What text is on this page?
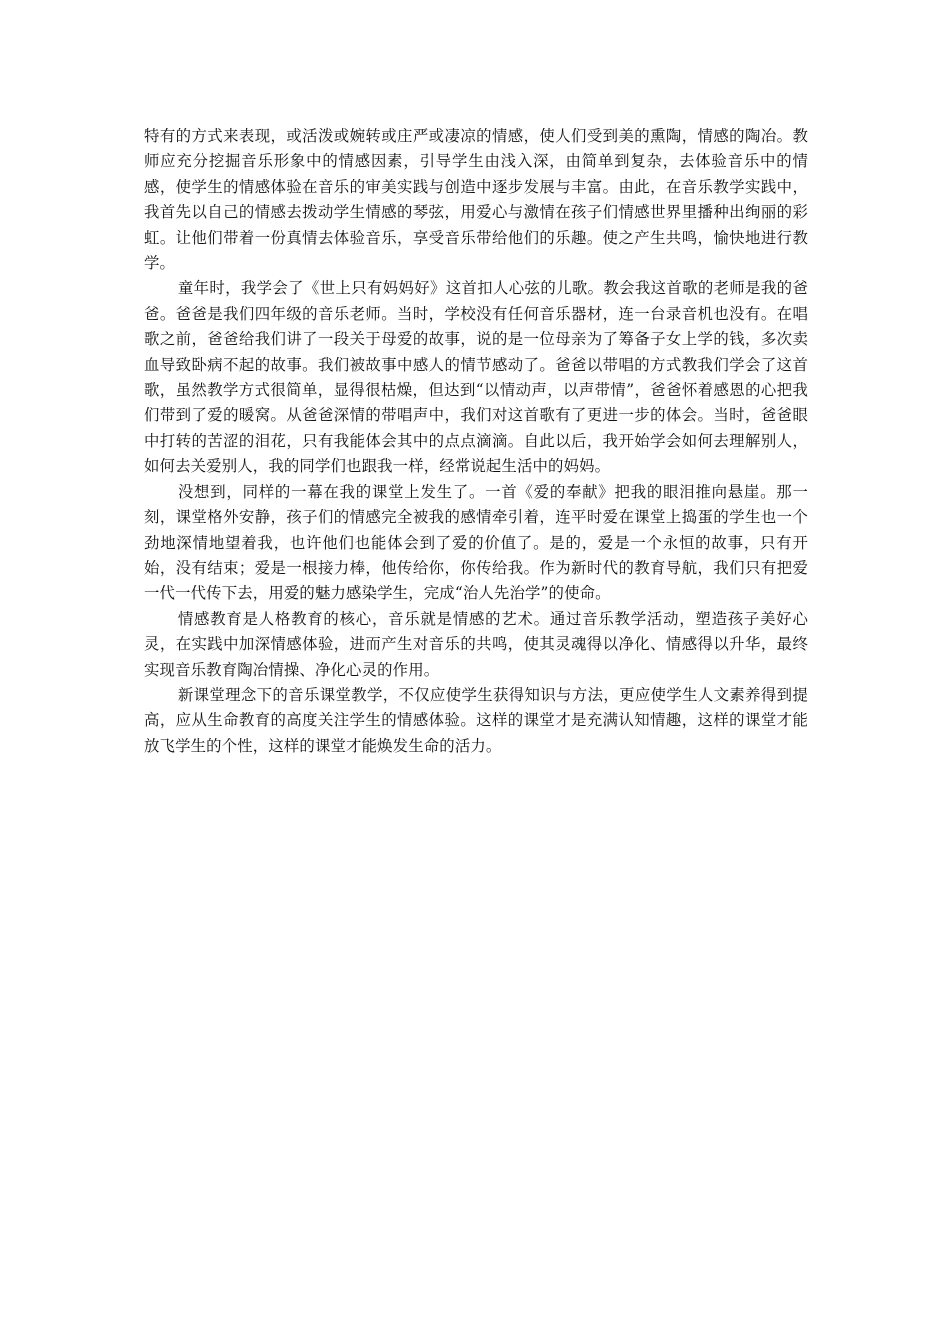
特有的方式来表现，或活泼或婉转或庄严或凄凉的情感，使人们受到美的熏陶，情感的陶冶。教师应充分挖掘音乐形象中的情感因素，引导学生由浅入深，由简单到复杂，去体验音乐中的情感，使学生的情感体验在音乐的审美实践与创造中逐步发展与丰富。由此，在音乐教学实践中，我首先以自己的情感去拨动学生情感的琴弦，用爱心与激情在孩子们情感世界里播种出绚丽的彩虹。让他们带着一份真情去体验音乐，享受音乐带给他们的乐趣。使之产生共鸣，愉快地进行教学。

童年时，我学会了《世上只有妈妈好》这首扣人心弦的儿歌。教会我这首歌的老师是我的爸爸。爸爸是我们四年级的音乐老师。当时，学校没有任何音乐器材，连一台录音机也没有。在唱歌之前，爸爸给我们讲了一段关于母爱的故事，说的是一位母亲为了筹备子女上学的钱，多次卖血导致卧病不起的故事。我们被故事中感人的情节感动了。爸爸以带唱的方式教我们学会了这首歌，虽然教学方式很简单，显得很枯燥，但达到“以情动声，以声带情”，爸爸怀着感恩的心把我们带到了爱的暖窝。从爸爸深情的带唱声中，我们对这首歌有了更进一步的体会。当时，爸爸眼中打转的苦涩的泪花，只有我能体会其中的点点滴滴。自此以后，我开始学会如何去理解别人，如何去关爱别人，我的同学们也跟我一样，经常说起生活中的妈妈。

没想到，同样的一幕在我的课堂上发生了。一首《爱的奉献》把我的眼泪推向悬崖。那一刻，课堂格外安静，孩子们的情感完全被我的感情牵引着，连平时爱在课堂上捣蛋的学生也一个劲地深情地望着我，也许他们也能体会到了爱的价值了。是的，爱是一个永恒的故事，只有开始，没有结束；爱是一根接力棒，他传给你，你传给我。作为新时代的教育导航，我们只有把爱一代一代传下去，用爱的魅力感染学生，完成“治人先治学”的使命。

情感教育是人格教育的核心，音乐就是情感的艺术。通过音乐教学活动，塑造孩子美好心灵，在实践中加深情感体验，进而产生对音乐的共鸣，使其灵魂得以净化、情感得以升华，最终实现音乐教育陶冶情操、净化心灵的作用。

新课堂理念下的音乐课堂教学，不仅应使学生获得知识与方法，更应使学生人文素养得到提高，应从生命教育的高度关注学生的情感体验。这样的课堂才是充满认知情趣，这样的课堂才能放飞学生的个性，这样的课堂才能焕发生命的活力。
